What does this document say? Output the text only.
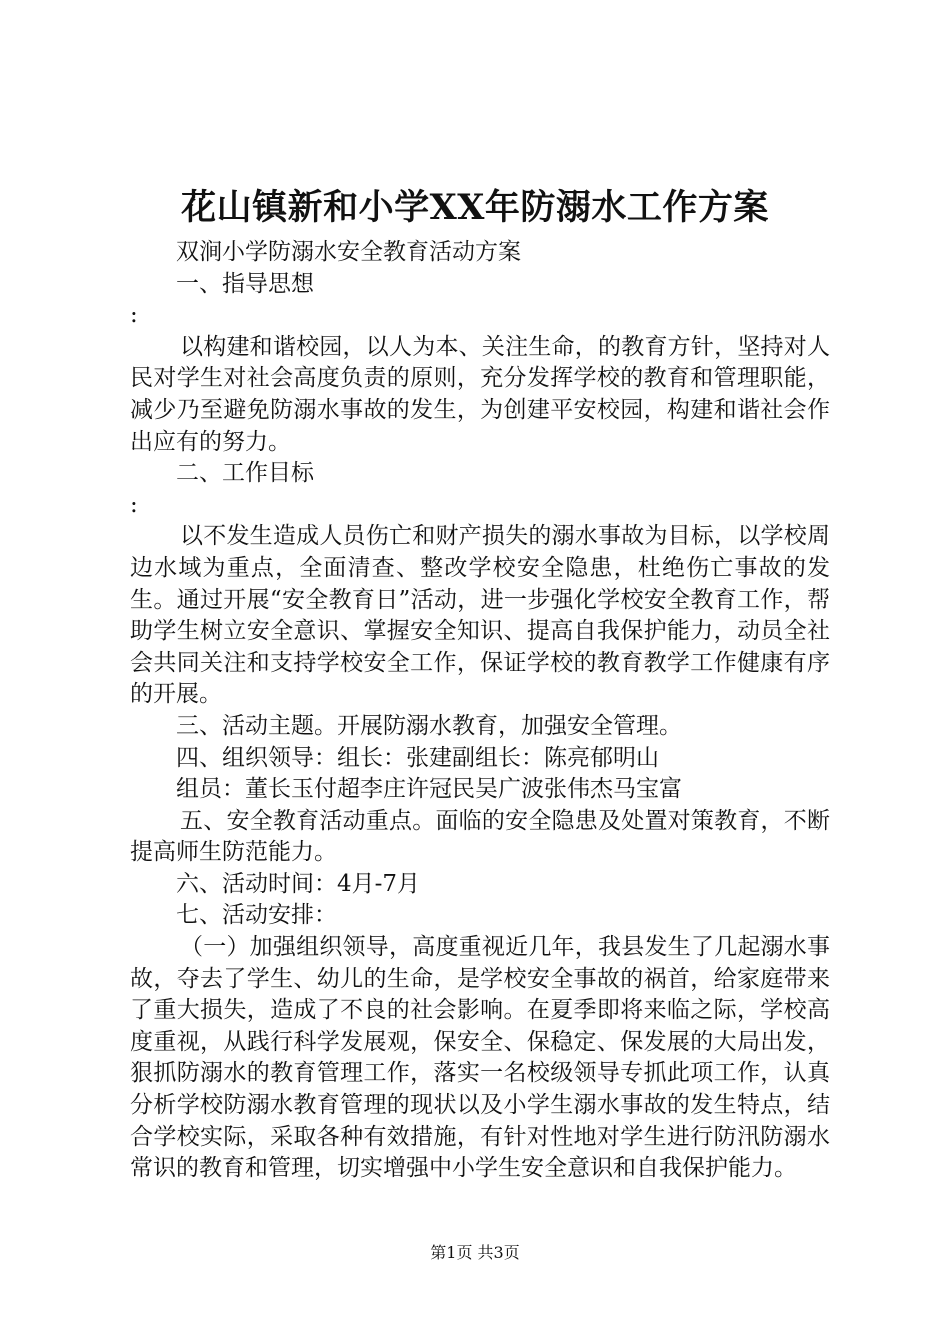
花山镇新和小学XX年防溺水工作方案

双涧小学防溺水安全教育活动方案

一、指导思想

:

以构建和谐校园，以人为本、关注生命，的教育方针，坚持对人民对学生对社会高度负责的原则，充分发挥学校的教育和管理职能，减少乃至避免防溺水事故的发生，为创建平安校园，构建和谐社会作出应有的努力。

二、工作目标

:

以不发生造成人员伤亡和财产损失的溺水事故为目标，以学校周边水域为重点，全面清查、整改学校安全隐患，杜绝伤亡事故的发生。通过开展“安全教育日”活动，进一步强化学校安全教育工作，帮助学生树立安全意识、掌握安全知识、提高自我保护能力，动员全社会共同关注和支持学校安全工作，保证学校的教育教学工作健康有序的开展。

三、活动主题。开展防溺水教育，加强安全管理。

四、组织领导：组长：张建副组长：陈亮郁明山

组员：董长玉付超李庄许冠民吴广波张伟杰马宝富

五、安全教育活动重点。面临的安全隐患及处置对策教育，不断提高师生防范能力。

六、活动时间：4月-7月

七、活动安排：

（一）加强组织领导，高度重视近几年，我县发生了几起溺水事故，夺去了学生、幼儿的生命，是学校安全事故的祸首，给家庭带来了重大损失，造成了不良的社会影响。在夏季即将来临之际，学校高度重视，从践行科学发展观，保安全、保稳定、保发展的大局出发，狠抓防溺水的教育管理工作，落实一名校级领导专抓此项工作，认真分析学校防溺水教育管理的现状以及小学生溺水事故的发生特点，结合学校实际，采取各种有效措施，有针对性地对学生进行防汛防溺水常识的教育和管理，切实增强中小学生安全意识和自我保护能力。

第1页 共3页
